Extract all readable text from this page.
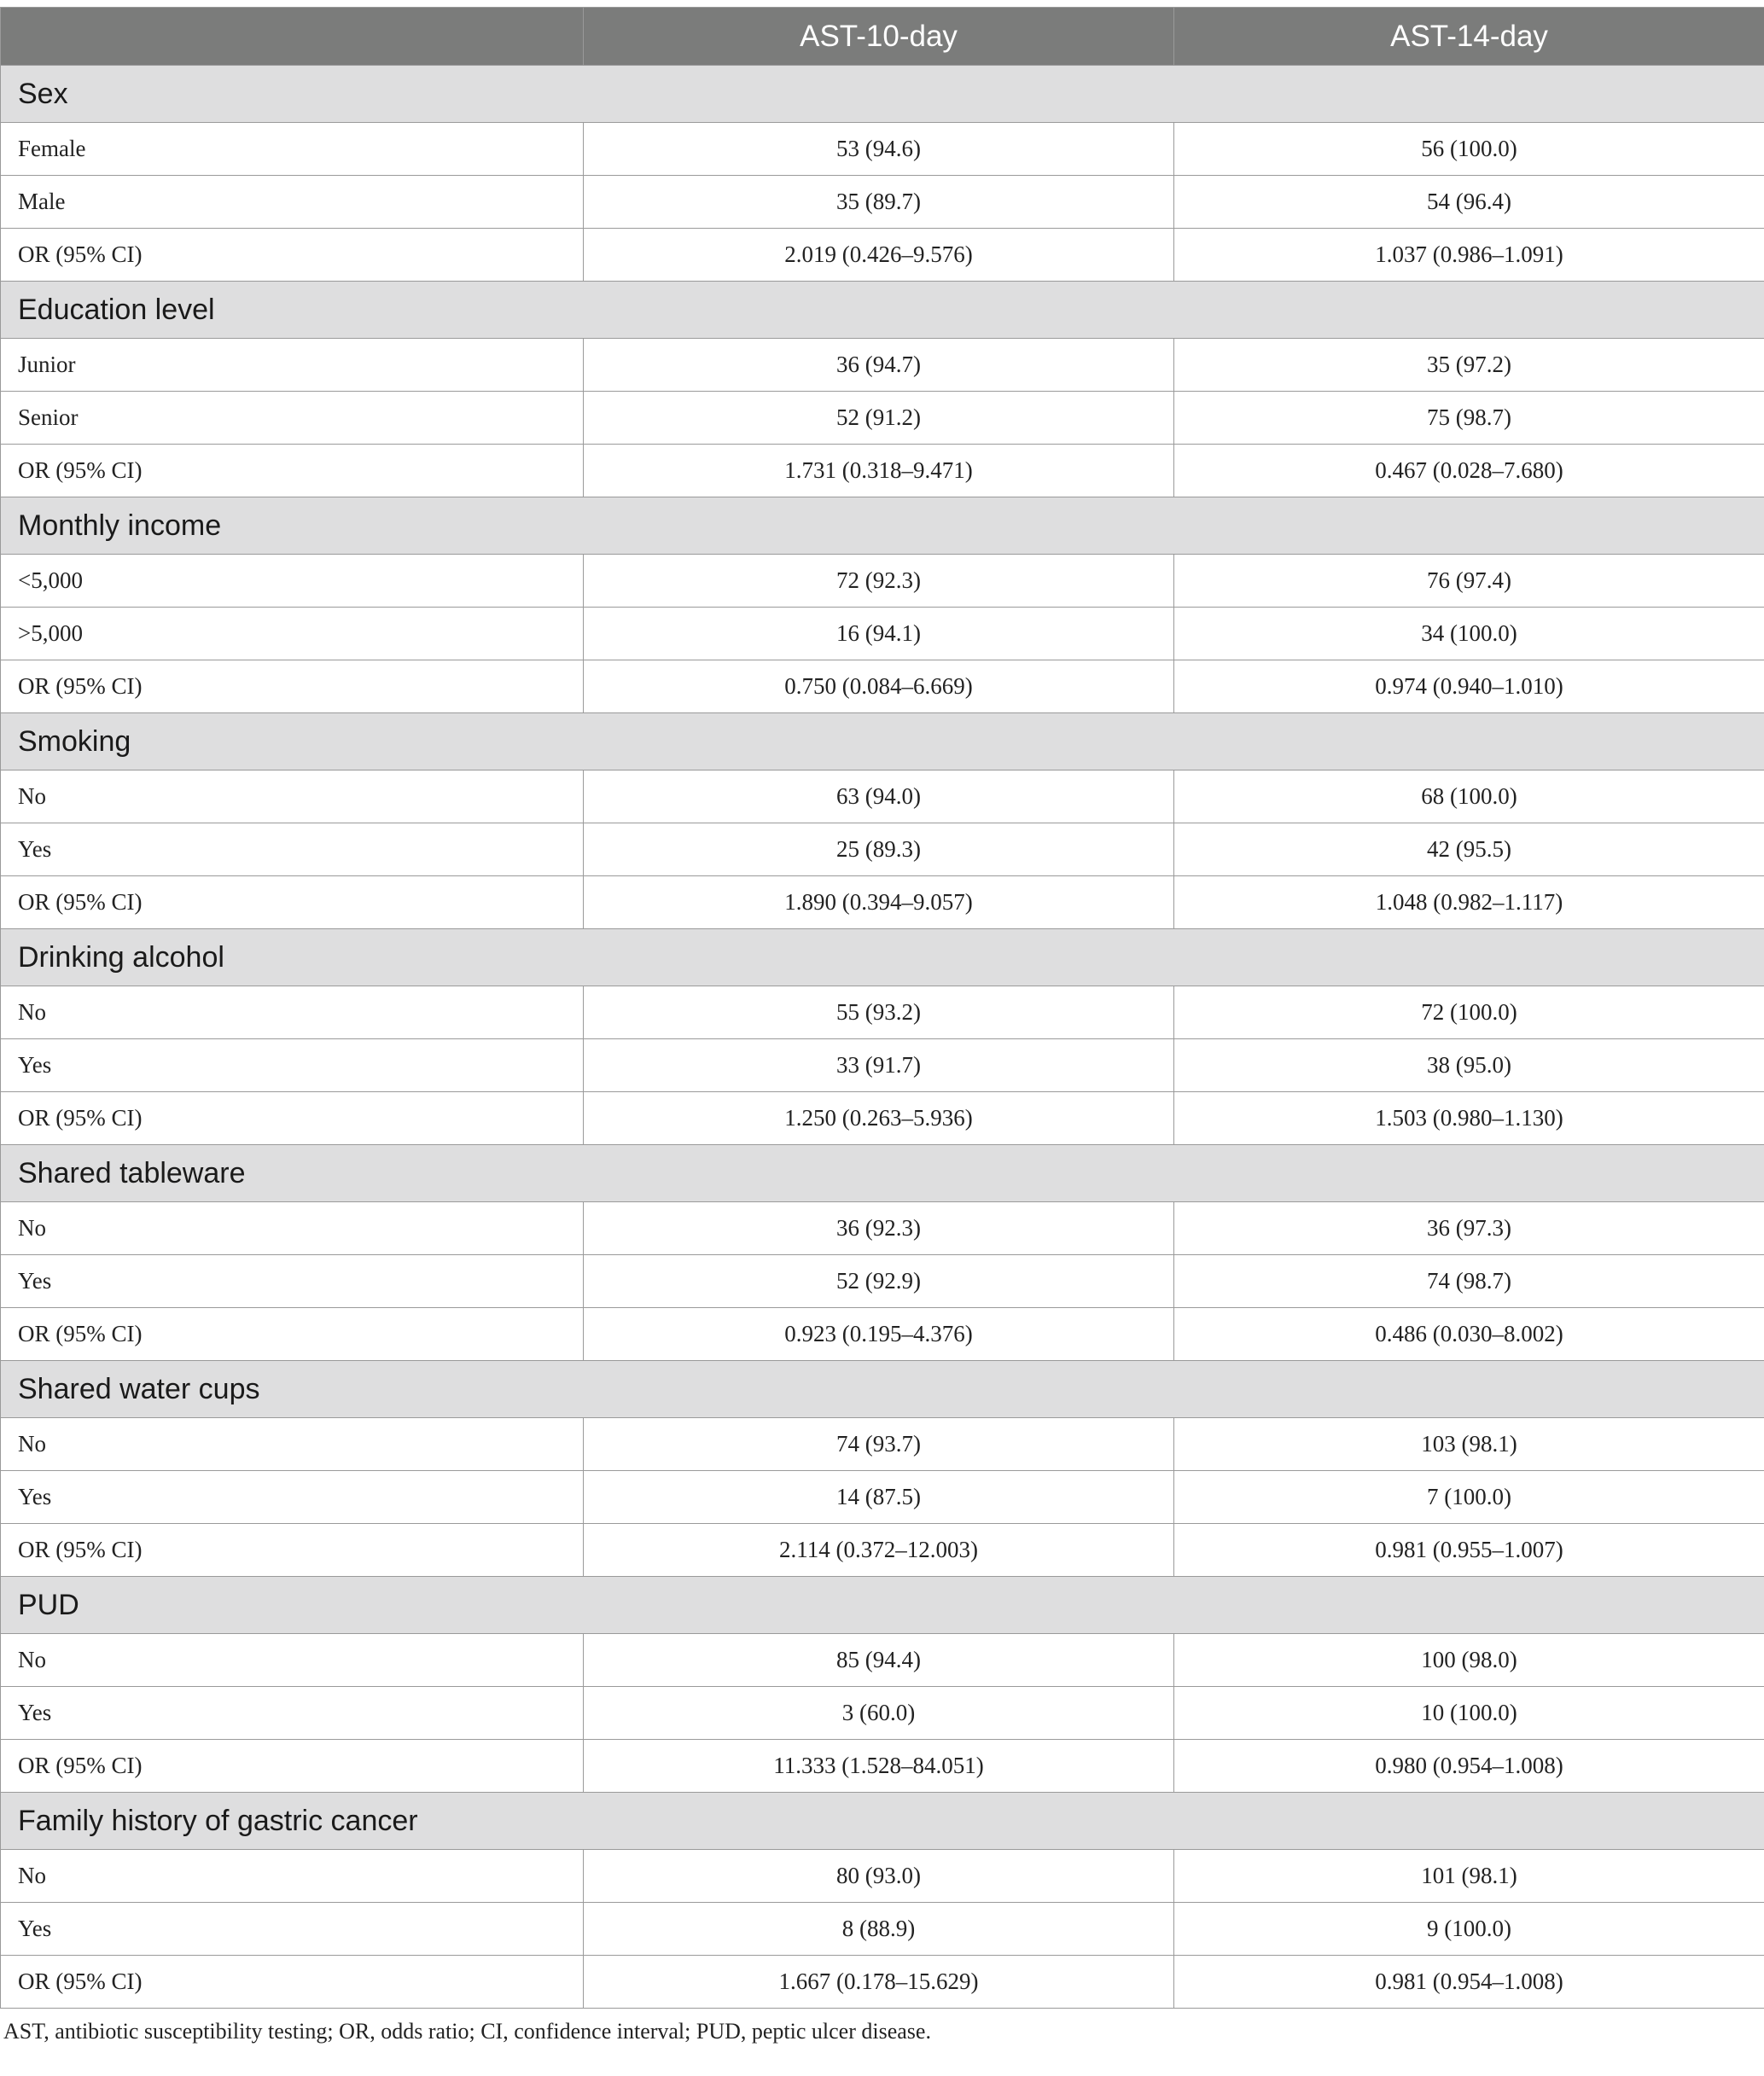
	AST-10-day	AST-14-day
Sex		
Female	53 (94.6)	56 (100.0)
Male	35 (89.7)	54 (96.4)
OR (95% CI)	2.019 (0.426–9.576)	1.037 (0.986–1.091)
Education level		
Junior	36 (94.7)	35 (97.2)
Senior	52 (91.2)	75 (98.7)
OR (95% CI)	1.731 (0.318–9.471)	0.467 (0.028–7.680)
Monthly income		
<5,000	72 (92.3)	76 (97.4)
>5,000	16 (94.1)	34 (100.0)
OR (95% CI)	0.750 (0.084–6.669)	0.974 (0.940–1.010)
Smoking		
No	63 (94.0)	68 (100.0)
Yes	25 (89.3)	42 (95.5)
OR (95% CI)	1.890 (0.394–9.057)	1.048 (0.982–1.117)
Drinking alcohol		
No	55 (93.2)	72 (100.0)
Yes	33 (91.7)	38 (95.0)
OR (95% CI)	1.250 (0.263–5.936)	1.503 (0.980–1.130)
Shared tableware		
No	36 (92.3)	36 (97.3)
Yes	52 (92.9)	74 (98.7)
OR (95% CI)	0.923 (0.195–4.376)	0.486 (0.030–8.002)
Shared water cups		
No	74 (93.7)	103 (98.1)
Yes	14 (87.5)	7 (100.0)
OR (95% CI)	2.114 (0.372–12.003)	0.981 (0.955–1.007)
PUD		
No	85 (94.4)	100 (98.0)
Yes	3 (60.0)	10 (100.0)
OR (95% CI)	11.333 (1.528–84.051)	0.980 (0.954–1.008)
Family history of gastric cancer		
No	80 (93.0)	101 (98.1)
Yes	8 (88.9)	9 (100.0)
OR (95% CI)	1.667 (0.178–15.629)	0.981 (0.954–1.008)
AST, antibiotic susceptibility testing; OR, odds ratio; CI, confidence interval; PUD, peptic ulcer disease.
